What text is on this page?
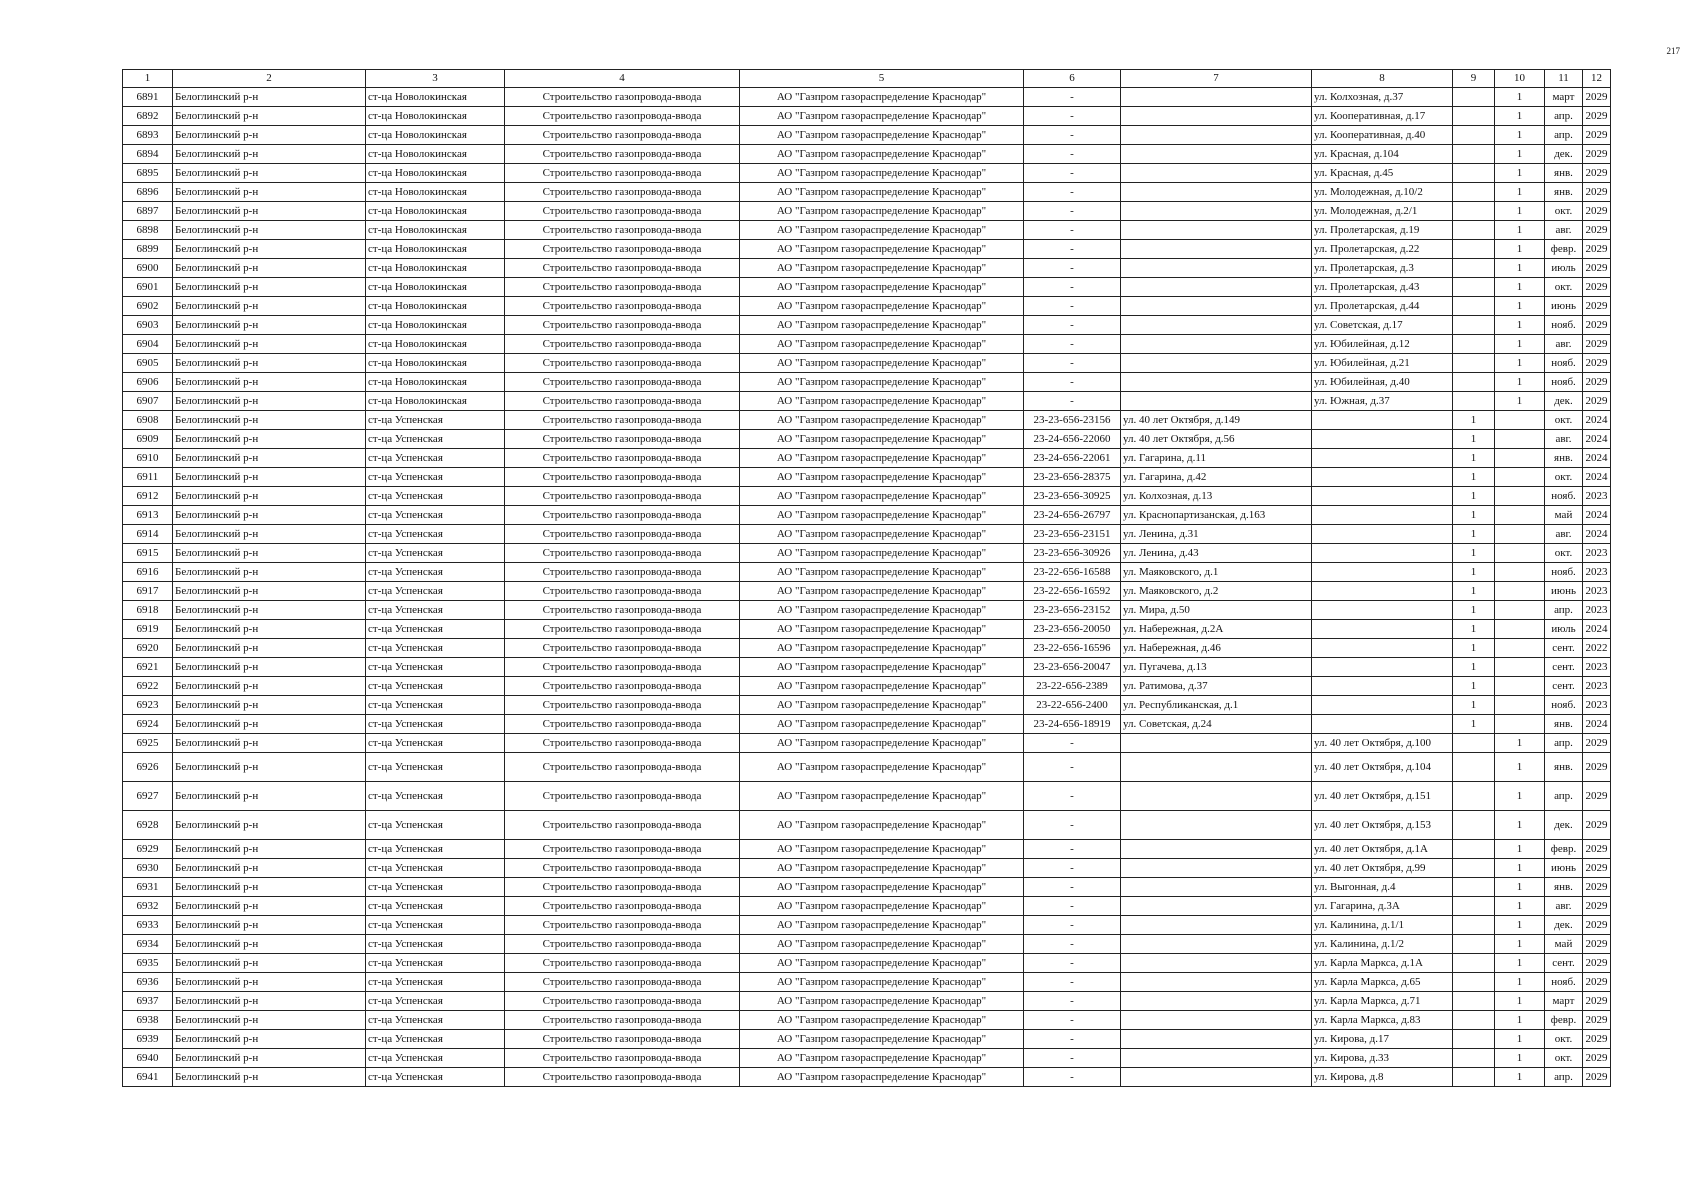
217
1	2	3	4	5	6	7	8	9	10	11	12
6891	Белоглинский р-н	ст-ца Новолокинская	Строительство газопровода-ввода	АО "Газпром газораспределение Краснодар"	-		ул. Колхозная, д.37		1	март	2029
6892	Белоглинский р-н	ст-ца Новолокинская	Строительство газопровода-ввода	АО "Газпром газораспределение Краснодар"	-		ул. Кооперативная, д.17		1	апр.	2029
6893	Белоглинский р-н	ст-ца Новолокинская	Строительство газопровода-ввода	АО "Газпром газораспределение Краснодар"	-		ул. Кооперативная, д.40		1	апр.	2029
6894	Белоглинский р-н	ст-ца Новолокинская	Строительство газопровода-ввода	АО "Газпром газораспределение Краснодар"	-		ул. Красная, д.104		1	дек.	2029
6895	Белоглинский р-н	ст-ца Новолокинская	Строительство газопровода-ввода	АО "Газпром газораспределение Краснодар"	-		ул. Красная, д.45		1	янв.	2029
6896	Белоглинский р-н	ст-ца Новолокинская	Строительство газопровода-ввода	АО "Газпром газораспределение Краснодар"	-		ул. Молодежная, д.10/2		1	янв.	2029
6897	Белоглинский р-н	ст-ца Новолокинская	Строительство газопровода-ввода	АО "Газпром газораспределение Краснодар"	-		ул. Молодежная, д.2/1		1	окт.	2029
6898	Белоглинский р-н	ст-ца Новолокинская	Строительство газопровода-ввода	АО "Газпром газораспределение Краснодар"	-		ул. Пролетарская, д.19		1	авг.	2029
6899	Белоглинский р-н	ст-ца Новолокинская	Строительство газопровода-ввода	АО "Газпром газораспределение Краснодар"	-		ул. Пролетарская, д.22		1	февр.	2029
6900	Белоглинский р-н	ст-ца Новолокинская	Строительство газопровода-ввода	АО "Газпром газораспределение Краснодар"	-		ул. Пролетарская, д.3		1	июль	2029
6901	Белоглинский р-н	ст-ца Новолокинская	Строительство газопровода-ввода	АО "Газпром газораспределение Краснодар"	-		ул. Пролетарская, д.43		1	окт.	2029
6902	Белоглинский р-н	ст-ца Новолокинская	Строительство газопровода-ввода	АО "Газпром газораспределение Краснодар"	-		ул. Пролетарская, д.44		1	июнь	2029
6903	Белоглинский р-н	ст-ца Новолокинская	Строительство газопровода-ввода	АО "Газпром газораспределение Краснодар"	-		ул. Советская, д.17		1	нояб.	2029
6904	Белоглинский р-н	ст-ца Новолокинская	Строительство газопровода-ввода	АО "Газпром газораспределение Краснодар"	-		ул. Юбилейная, д.12		1	авг.	2029
6905	Белоглинский р-н	ст-ца Новолокинская	Строительство газопровода-ввода	АО "Газпром газораспределение Краснодар"	-		ул. Юбилейная, д.21		1	нояб.	2029
6906	Белоглинский р-н	ст-ца Новолокинская	Строительство газопровода-ввода	АО "Газпром газораспределение Краснодар"	-		ул. Юбилейная, д.40		1	нояб.	2029
6907	Белоглинский р-н	ст-ца Новолокинская	Строительство газопровода-ввода	АО "Газпром газораспределение Краснодар"	-		ул. Южная, д.37		1	дек.	2029
6908	Белоглинский р-н	ст-ца Успенская	Строительство газопровода-ввода	АО "Газпром газораспределение Краснодар"	23-23-656-23156	ул. 40 лет Октября, д.149		1		окт.	2024
6909	Белоглинский р-н	ст-ца Успенская	Строительство газопровода-ввода	АО "Газпром газораспределение Краснодар"	23-24-656-22060	ул. 40 лет Октября, д.56		1		авг.	2024
6910	Белоглинский р-н	ст-ца Успенская	Строительство газопровода-ввода	АО "Газпром газораспределение Краснодар"	23-24-656-22061	ул. Гагарина, д.11		1		янв.	2024
6911	Белоглинский р-н	ст-ца Успенская	Строительство газопровода-ввода	АО "Газпром газораспределение Краснодар"	23-23-656-28375	ул. Гагарина, д.42		1		окт.	2024
6912	Белоглинский р-н	ст-ца Успенская	Строительство газопровода-ввода	АО "Газпром газораспределение Краснодар"	23-23-656-30925	ул. Колхозная, д.13		1		нояб.	2023
6913	Белоглинский р-н	ст-ца Успенская	Строительство газопровода-ввода	АО "Газпром газораспределение Краснодар"	23-24-656-26797	ул. Краснопартизанская, д.163		1		май	2024
6914	Белоглинский р-н	ст-ца Успенская	Строительство газопровода-ввода	АО "Газпром газораспределение Краснодар"	23-23-656-23151	ул. Ленина, д.31		1		авг.	2024
6915	Белоглинский р-н	ст-ца Успенская	Строительство газопровода-ввода	АО "Газпром газораспределение Краснодар"	23-23-656-30926	ул. Ленина, д.43		1		окт.	2023
6916	Белоглинский р-н	ст-ца Успенская	Строительство газопровода-ввода	АО "Газпром газораспределение Краснодар"	23-22-656-16588	ул. Маяковского, д.1		1		нояб.	2023
6917	Белоглинский р-н	ст-ца Успенская	Строительство газопровода-ввода	АО "Газпром газораспределение Краснодар"	23-22-656-16592	ул. Маяковского, д.2		1		июнь	2023
6918	Белоглинский р-н	ст-ца Успенская	Строительство газопровода-ввода	АО "Газпром газораспределение Краснодар"	23-23-656-23152	ул. Мира, д.50		1		апр.	2023
6919	Белоглинский р-н	ст-ца Успенская	Строительство газопровода-ввода	АО "Газпром газораспределение Краснодар"	23-23-656-20050	ул. Набережная, д.2А		1		июль	2024
6920	Белоглинский р-н	ст-ца Успенская	Строительство газопровода-ввода	АО "Газпром газораспределение Краснодар"	23-22-656-16596	ул. Набережная, д.46		1		сент.	2022
6921	Белоглинский р-н	ст-ца Успенская	Строительство газопровода-ввода	АО "Газпром газораспределение Краснодар"	23-23-656-20047	ул. Пугачева, д.13		1		сент.	2023
6922	Белоглинский р-н	ст-ца Успенская	Строительство газопровода-ввода	АО "Газпром газораспределение Краснодар"	23-22-656-2389	ул. Ратимова, д.37		1		сент.	2023
6923	Белоглинский р-н	ст-ца Успенская	Строительство газопровода-ввода	АО "Газпром газораспределение Краснодар"	23-22-656-2400	ул. Республиканская, д.1		1		нояб.	2023
6924	Белоглинский р-н	ст-ца Успенская	Строительство газопровода-ввода	АО "Газпром газораспределение Краснодар"	23-24-656-18919	ул. Советская, д.24		1		янв.	2024
6925	Белоглинский р-н	ст-ца Успенская	Строительство газопровода-ввода	АО "Газпром газораспределение Краснодар"	-		ул. 40 лет Октября, д.100		1	апр.	2029
6926	Белоглинский р-н	ст-ца Успенская	Строительство газопровода-ввода	АО "Газпром газораспределение Краснодар"	-		ул. 40 лет Октября, д.104		1	янв.	2029
6927	Белоглинский р-н	ст-ца Успенская	Строительство газопровода-ввода	АО "Газпром газораспределение Краснодар"	-		ул. 40 лет Октября, д.151		1	апр.	2029
6928	Белоглинский р-н	ст-ца Успенская	Строительство газопровода-ввода	АО "Газпром газораспределение Краснодар"	-		ул. 40 лет Октября, д.153		1	дек.	2029
6929	Белоглинский р-н	ст-ца Успенская	Строительство газопровода-ввода	АО "Газпром газораспределение Краснодар"	-		ул. 40 лет Октября, д.1А		1	февр.	2029
6930	Белоглинский р-н	ст-ца Успенская	Строительство газопровода-ввода	АО "Газпром газораспределение Краснодар"	-		ул. 40 лет Октября, д.99		1	июнь	2029
6931	Белоглинский р-н	ст-ца Успенская	Строительство газопровода-ввода	АО "Газпром газораспределение Краснодар"	-		ул. Выгонная, д.4		1	янв.	2029
6932	Белоглинский р-н	ст-ца Успенская	Строительство газопровода-ввода	АО "Газпром газораспределение Краснодар"	-		ул. Гагарина, д.3А		1	авг.	2029
6933	Белоглинский р-н	ст-ца Успенская	Строительство газопровода-ввода	АО "Газпром газораспределение Краснодар"	-		ул. Калинина, д.1/1		1	дек.	2029
6934	Белоглинский р-н	ст-ца Успенская	Строительство газопровода-ввода	АО "Газпром газораспределение Краснодар"	-		ул. Калинина, д.1/2		1	май	2029
6935	Белоглинский р-н	ст-ца Успенская	Строительство газопровода-ввода	АО "Газпром газораспределение Краснодар"	-		ул. Карла Маркса, д.1А		1	сент.	2029
6936	Белоглинский р-н	ст-ца Успенская	Строительство газопровода-ввода	АО "Газпром газораспределение Краснодар"	-		ул. Карла Маркса, д.65		1	нояб.	2029
6937	Белоглинский р-н	ст-ца Успенская	Строительство газопровода-ввода	АО "Газпром газораспределение Краснодар"	-		ул. Карла Маркса, д.71		1	март	2029
6938	Белоглинский р-н	ст-ца Успенская	Строительство газопровода-ввода	АО "Газпром газораспределение Краснодар"	-		ул. Карла Маркса, д.83		1	февр.	2029
6939	Белоглинский р-н	ст-ца Успенская	Строительство газопровода-ввода	АО "Газпром газораспределение Краснодар"	-		ул. Кирова, д.17		1	окт.	2029
6940	Белоглинский р-н	ст-ца Успенская	Строительство газопровода-ввода	АО "Газпром газораспределение Краснодар"	-		ул. Кирова, д.33		1	окт.	2029
6941	Белоглинский р-н	ст-ца Успенская	Строительство газопровода-ввода	АО "Газпром газораспределение Краснодар"	-		ул. Кирова, д.8		1	апр.	2029
